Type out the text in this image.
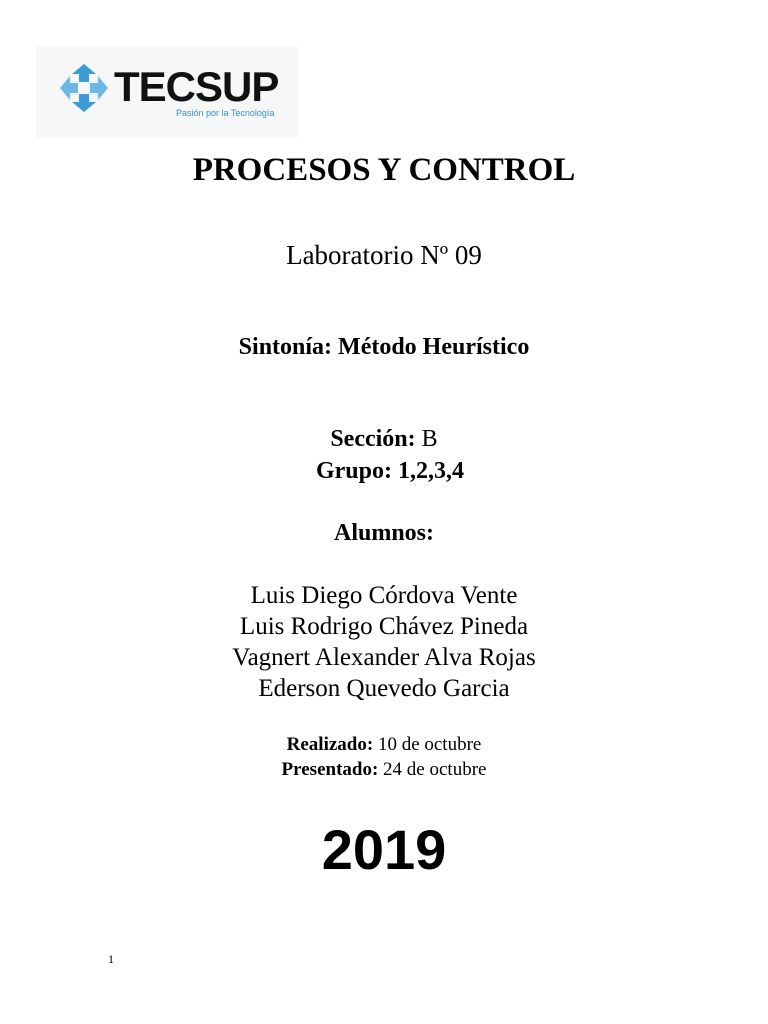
TECSUP
Pasión por la Tecnología
PROCESOS Y CONTROL
Laboratorio Nº 09
Sintonía: Método Heurístico
Sección: B
Grupo: 1,2,3,4
Alumnos:
Luis Diego Córdova Vente
Luis Rodrigo Chávez Pineda
Vagnert Alexander Alva Rojas
Ederson Quevedo Garcia
Realizado: 10 de octubre
Presentado: 24 de octubre
2019
1
